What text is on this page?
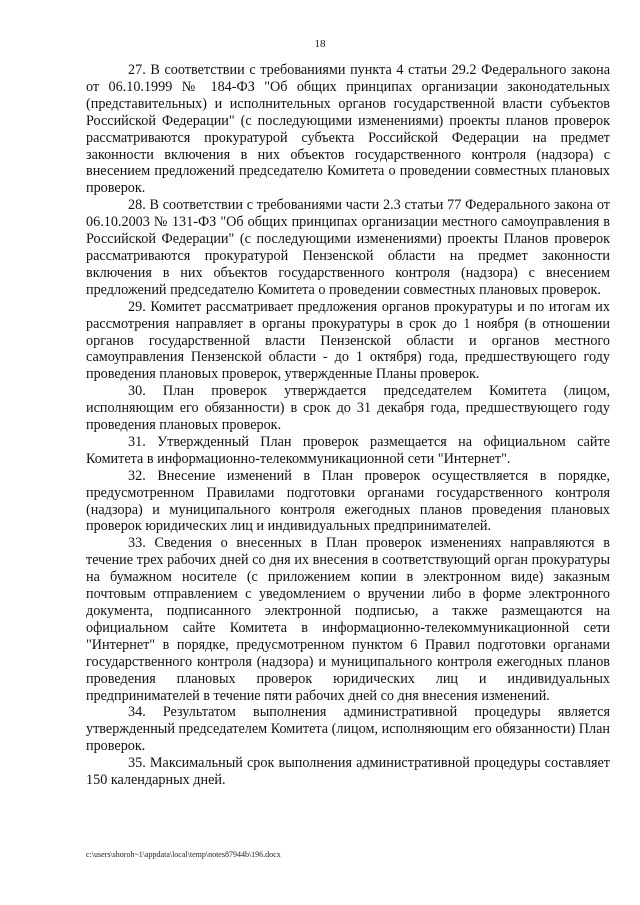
18

27. В соответствии с требованиями пункта 4 статьи 29.2 Федерального закона от 06.10.1999 № 184-ФЗ "Об общих принципах организации законодательных (представительных) и исполнительных органов государственной власти субъектов Российской Федерации" (с последующими изменениями) проекты планов проверок рассматриваются прокуратурой субъекта Российской Федерации на предмет законности включения в них объектов государственного контроля (надзора) с внесением предложений председателю Комитета о проведении совместных плановых проверок.

28. В соответствии с требованиями части 2.3 статьи 77 Федерального закона от 06.10.2003 № 131-ФЗ "Об общих принципах организации местного самоуправления в Российской Федерации" (с последующими изменениями) проекты Планов проверок рассматриваются прокуратурой Пензенской области на предмет законности включения в них объектов государственного контроля (надзора) с внесением предложений председателю Комитета о проведении совместных плановых проверок.

29. Комитет рассматривает предложения органов прокуратуры и по итогам их рассмотрения направляет в органы прокуратуры в срок до 1 ноября (в отношении органов государственной власти Пензенской области и органов местного самоуправления Пензенской области - до 1 октября) года, предшествующего году проведения плановых проверок, утвержденные Планы проверок.

30. План проверок утверждается председателем Комитета (лицом, исполняющим его обязанности) в срок до 31 декабря года, предшествующего году проведения плановых проверок.

31. Утвержденный План проверок размещается на официальном сайте Комитета в информационно-телекоммуникационной сети "Интернет".

32. Внесение изменений в План проверок осуществляется в порядке, предусмотренном Правилами подготовки органами государственного контроля (надзора) и муниципального контроля ежегодных планов проведения плановых проверок юридических лиц и индивидуальных предпринимателей.

33. Сведения о внесенных в План проверок изменениях направляются в течение трех рабочих дней со дня их внесения в соответствующий орган прокуратуры на бумажном носителе (с приложением копии в электронном виде) заказным почтовым отправлением с уведомлением о вручении либо в форме электронного документа, подписанного электронной подписью, а также размещаются на официальном сайте Комитета в информационно-телекоммуникационной сети "Интернет" в порядке, предусмотренном пунктом 6 Правил подготовки органами государственного контроля (надзора) и муниципального контроля ежегодных планов проведения плановых проверок юридических лиц и индивидуальных предпринимателей в течение пяти рабочих дней со дня внесения изменений.

34. Результатом выполнения административной процедуры является утвержденный председателем Комитета (лицом, исполняющим его обязанности) План проверок.

35. Максимальный срок выполнения административной процедуры составляет 150 календарных дней.

c:\users\shoroh~1\appdata\local\temp\notes87944b\196.docx
